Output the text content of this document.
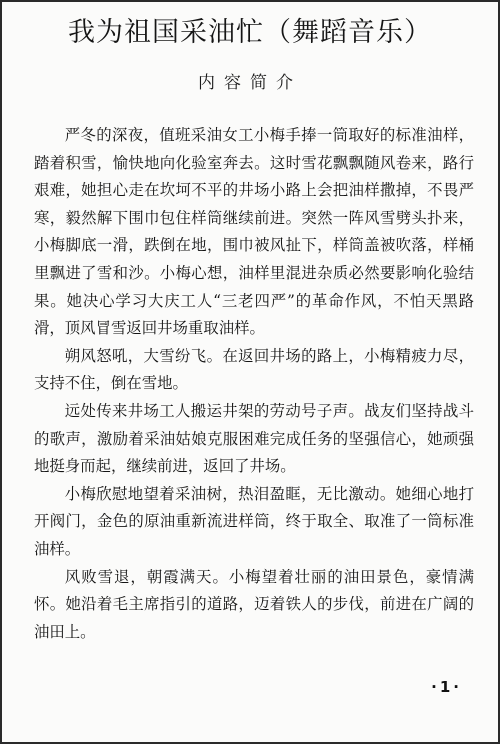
我为祖国采油忙（舞蹈音乐）
内容简介

严冬的深夜，值班采油女工小梅手捧一筒取好的标准油样，踏着积雪，愉快地向化验室奔去。这时雪花飘飘随风卷来，路行艰难，她担心走在坎坷不平的井场小路上会把油样撒掉，不畏严寒，毅然解下围巾包住样筒继续前进。突然一阵风雪劈头扑来，小梅脚底一滑，跌倒在地，围巾被风扯下，样筒盖被吹落，样桶里飘进了雪和沙。小梅心想，油样里混进杂质必然要影响化验结果。她决心学习大庆工人“三老四严”的革命作风，不怕天黑路滑，顶风冒雪返回井场重取油样。

朔风怒吼，大雪纷飞。在返回井场的路上，小梅精疲力尽，支持不住，倒在雪地。

远处传来井场工人搬运井架的劳动号子声。战友们坚持战斗的歌声，激励着采油姑娘克服困难完成任务的坚强信心，她顽强地挺身而起，继续前进，返回了井场。

小梅欣慰地望着采油树，热泪盈眶，无比激动。她细心地打开阀门，金色的原油重新流进样筒，终于取全、取准了一筒标准油样。

风败雪退，朝霞满天。小梅望着壮丽的油田景色，豪情满怀。她沿着毛主席指引的道路，迈着铁人的步伐，前进在广阔的油田上。

·1·
